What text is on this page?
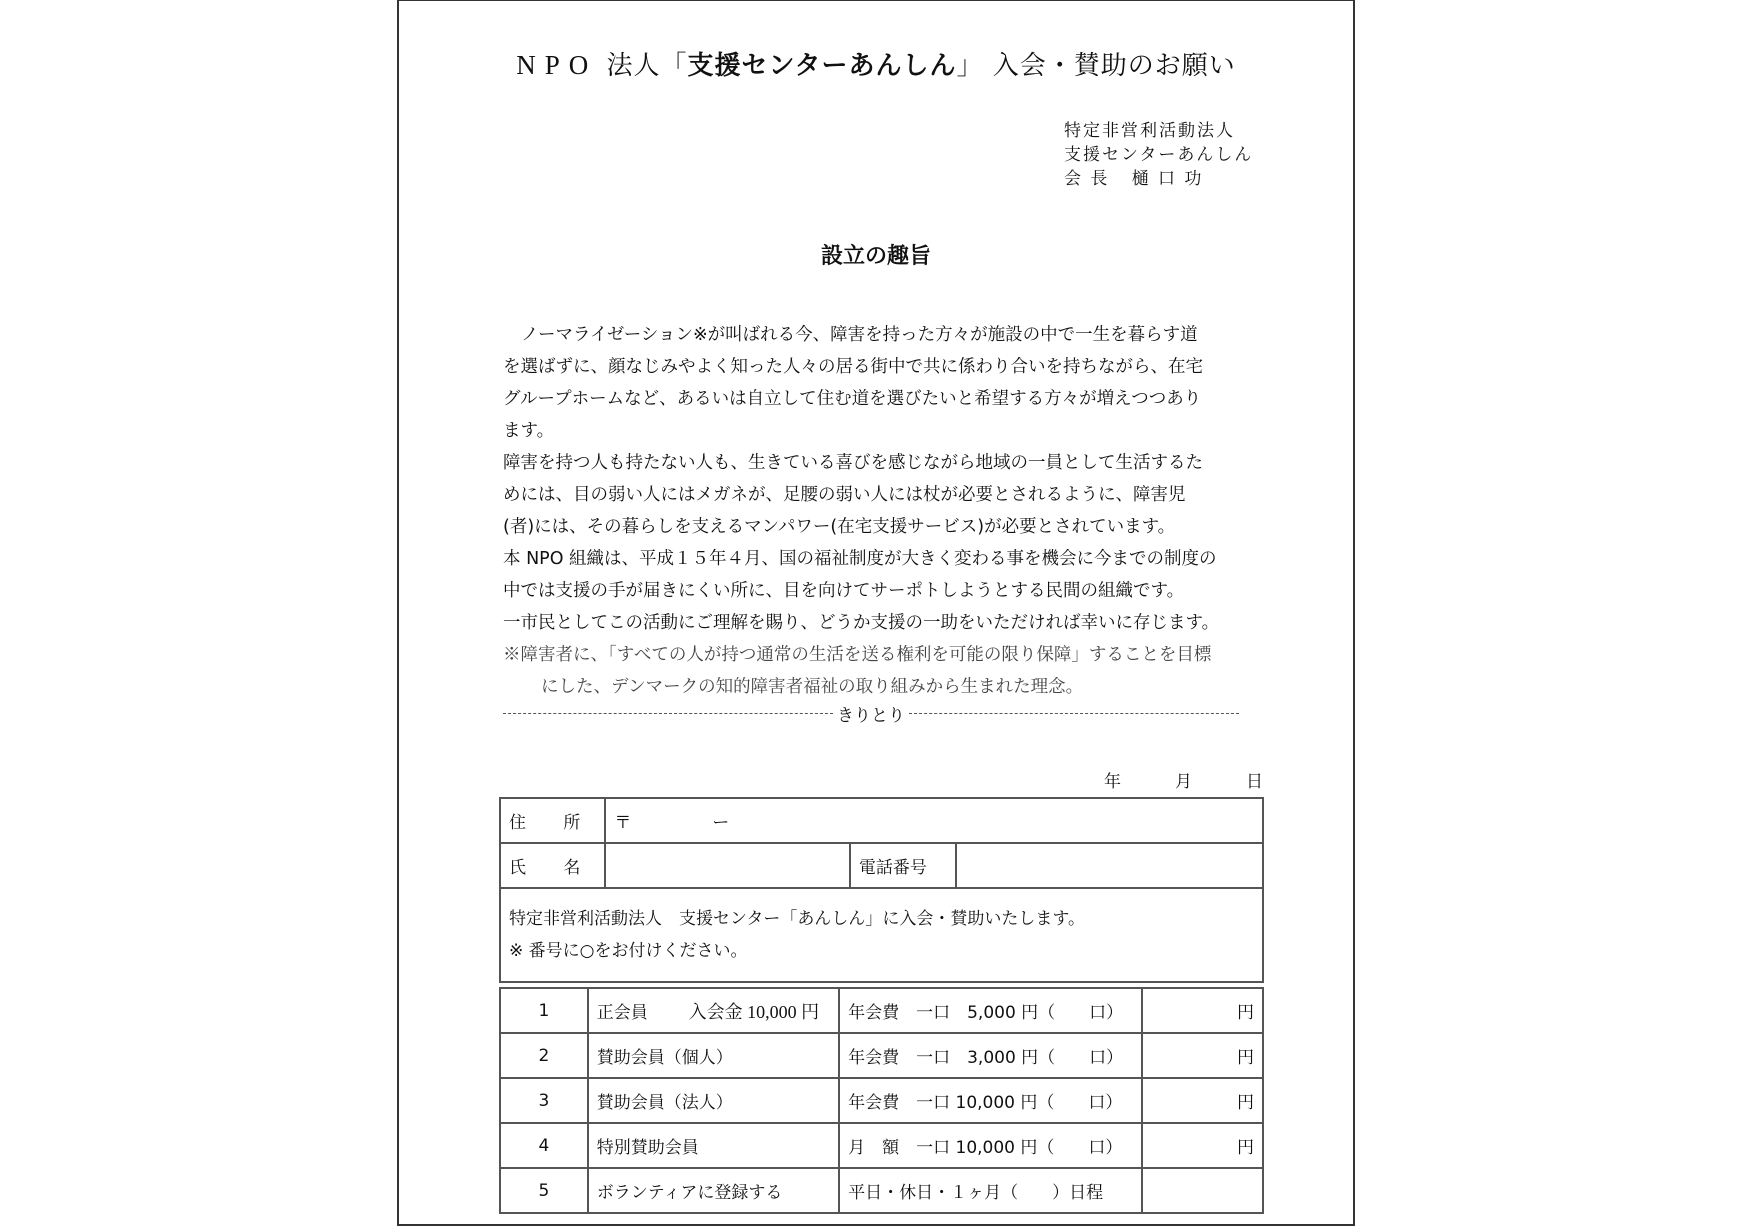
NPO 法人「支援センターあんしん」 入会・賛助のお願い
特定非営利活動法人
支援センターあんしん
会 長   樋 口 功
設立の趣旨
ノーマライゼーション※が叫ばれる今、障害を持った方々が施設の中で一生を暮らす道
を選ばずに、顔なじみやよく知った人々の居る街中で共に係わり合いを持ちながら、在宅
グループホームなど、あるいは自立して住む道を選びたいと希望する方々が増えつつあり
ます。
障害を持つ人も持たない人も、生きている喜びを感じながら地域の一員として生活するた
めには、目の弱い人にはメガネが、足腰の弱い人には杖が必要とされるように、障害児
(者)には、その暮らしを支えるマンパワー(在宅支援サービス)が必要とされています。
本 NPO 組織は、平成１５年４月、国の福祉制度が大きく変わる事を機会に今までの制度の
中では支援の手が届きにくい所に、目を向けてサーポトしようとする民間の組織です。
一市民としてこの活動にご理解を賜り、どうか支援の一助をいただければ幸いに存じます。
※障害者に、「すべての人が持つ通常の生活を送る権利を可能の限り保障」することを目標
にした、デンマークの知的障害者福祉の取り組みから生まれた理念。
きりとり
年	月	日
住 所	〒 ー		
氏 名		電話番号	

特定非営利活動法人　支援センター「あんしん」に入会・賛助いたします。
※ 番号に○をお付けください。			
1	正会員 入会金 10,000 円	年会費　一口　5,000 円（　　口）	円
2	賛助会員（個人）	年会費　一口　3,000 円（　　口）	円
3	賛助会員（法人）	年会費　一口 10,000 円（　　口）	円
4	特別賛助会員	月　額　一口 10,000 円（　　口）	円
5	ボランティアに登録する	平日・休日・１ヶ月（　　）日程	
